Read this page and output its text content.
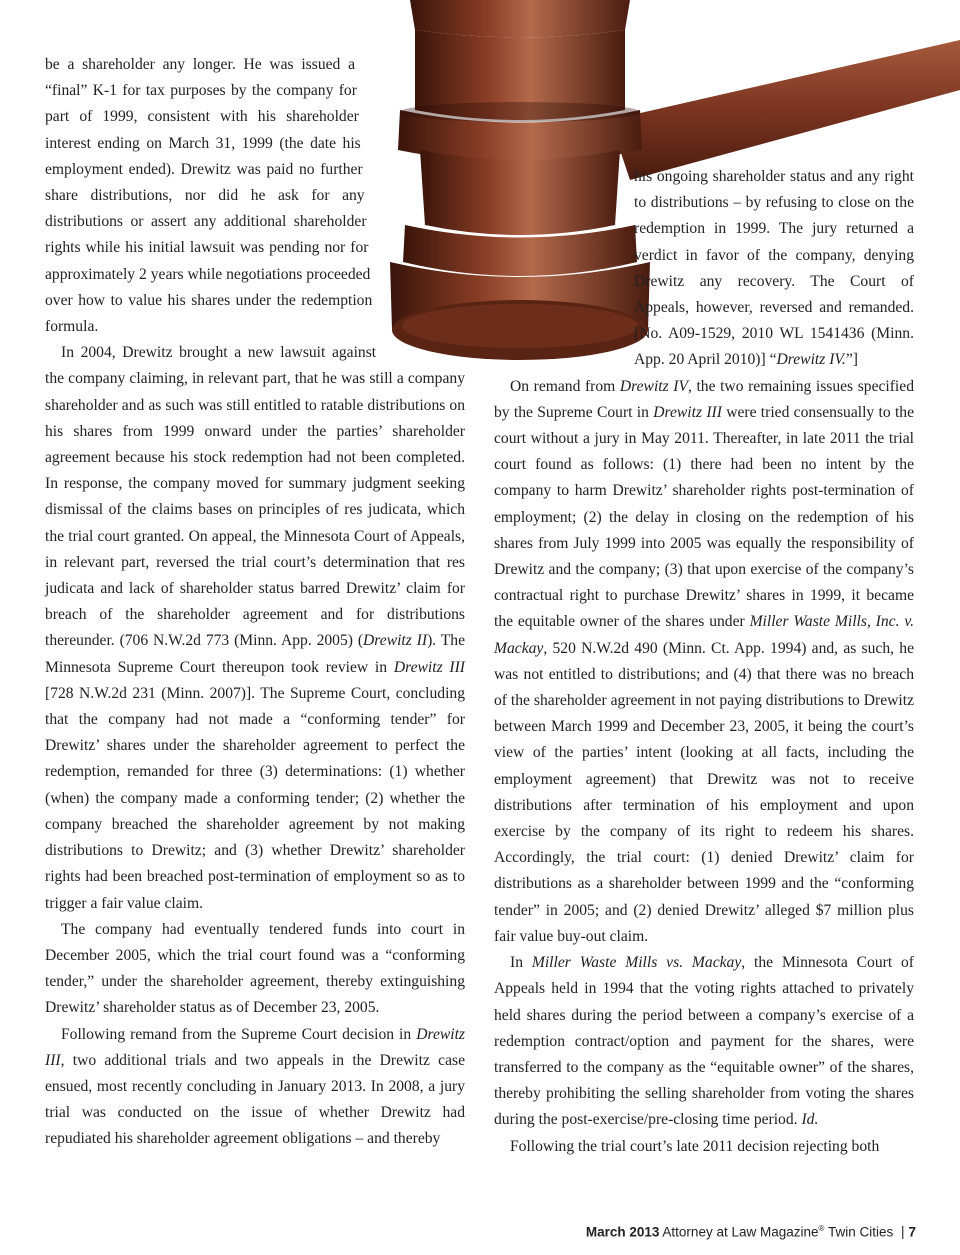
be a shareholder any longer. He was issued a “final” K-1 for tax purposes by the company for part of 1999, consistent with his shareholder interest ending on March 31, 1999 (the date his employment ended). Drewitz was paid no further share distributions, nor did he ask for any distributions or assert any additional shareholder rights while his initial lawsuit was pending nor for approximately 2 years while negotiations proceeded over how to value his shares under the redemption formula.

In 2004, Drewitz brought a new lawsuit against the company claiming, in relevant part, that he was still a company shareholder and as such was still entitled to ratable distributions on his shares from 1999 onward under the parties’ shareholder agreement because his stock redemption had not been completed. In response, the company moved for summary judgment seeking dismissal of the claims bases on principles of res judicata, which the trial court granted. On appeal, the Minnesota Court of Appeals, in relevant part, reversed the trial court’s determination that res judicata and lack of shareholder status barred Drewitz’ claim for breach of the shareholder agreement and for distributions thereunder. (706 N.W.2d 773 (Minn. App. 2005) (Drewitz II). The Minnesota Supreme Court thereupon took review in Drewitz III [728 N.W.2d 231 (Minn. 2007)]. The Supreme Court, concluding that the company had not made a “conforming tender” for Drewitz’ shares under the shareholder agreement to perfect the redemption, remanded for three (3) determinations: (1) whether (when) the company made a conforming tender; (2) whether the company breached the shareholder agreement by not making distributions to Drewitz; and (3) whether Drewitz’ shareholder rights had been breached post-termination of employment so as to trigger a fair value claim.

The company had eventually tendered funds into court in December 2005, which the trial court found was a “conforming tender,” under the shareholder agreement, thereby extinguishing Drewitz’ shareholder status as of December 23, 2005.

Following remand from the Supreme Court decision in Drewitz III, two additional trials and two appeals in the Drewitz case ensued, most recently concluding in January 2013. In 2008, a jury trial was conducted on the issue of whether Drewitz had repudiated his shareholder agreement obligations – and thereby

his ongoing shareholder status and any right to distributions – by refusing to close on the redemption in 1999. The jury returned a verdict in favor of the company, denying Drewitz any recovery. The Court of Appeals, however, reversed and remanded. [No. A09-1529, 2010 WL 1541436 (Minn. App. 20 April 2010)] “Drewitz IV.”]

On remand from Drewitz IV, the two remaining issues specified by the Supreme Court in Drewitz III were tried consensually to the court without a jury in May 2011. Thereafter, in late 2011 the trial court found as follows: (1) there had been no intent by the company to harm Drewitz’ shareholder rights post-termination of employment; (2) the delay in closing on the redemption of his shares from July 1999 into 2005 was equally the responsibility of Drewitz and the company; (3) that upon exercise of the company’s contractual right to purchase Drewitz’ shares in 1999, it became the equitable owner of the shares under Miller Waste Mills, Inc. v. Mackay, 520 N.W.2d 490 (Minn. Ct. App. 1994) and, as such, he was not entitled to distributions; and (4) that there was no breach of the shareholder agreement in not paying distributions to Drewitz between March 1999 and December 23, 2005, it being the court’s view of the parties’ intent (looking at all facts, including the employment agreement) that Drewitz was not to receive distributions after termination of his employment and upon exercise by the company of its right to redeem his shares. Accordingly, the trial court: (1) denied Drewitz’ claim for distributions as a shareholder between 1999 and the “conforming tender” in 2005; and (2) denied Drewitz’ alleged $7 million plus fair value buy-out claim.

In Miller Waste Mills vs. Mackay, the Minnesota Court of Appeals held in 1994 that the voting rights attached to privately held shares during the period between a company’s exercise of a redemption contract/option and payment for the shares, were transferred to the company as the “equitable owner” of the shares, thereby prohibiting the selling shareholder from voting the shares during the post-exercise/pre-closing time period. Id.

Following the trial court’s late 2011 decision rejecting both

March 2013 Attorney at Law Magazine® Twin Cities | 7
